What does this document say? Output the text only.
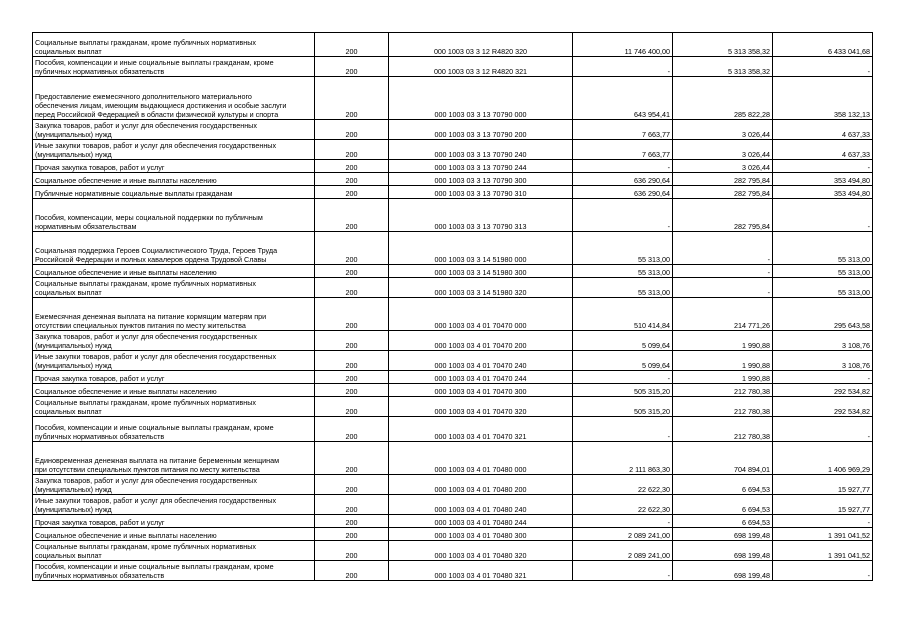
Социальные выплаты гражданам, кроме публичных нормативных
социальных выплат	200	000 1003 03 3 12 R4820 320	11 746 400,00	5 313 358,32	6 433 041,68
Пособия, компенсации и иные социальные выплаты гражданам, кроме
публичных нормативных обязательств	200	000 1003 03 3 12 R4820 321	-	5 313 358,32	-
Предоставление ежемесячного дополнительного материального
обеспечения лицам, имеющим выдающиеся достижения и особые заслуги
перед Российской Федерацией в области физической культуры и спорта	200	000 1003 03 3 13 70790 000	643 954,41	285 822,28	358 132,13
Закупка товаров, работ и услуг для обеспечения государственных
(муниципальных) нужд	200	000 1003 03 3 13 70790 200	7 663,77	3 026,44	4 637,33
Иные закупки товаров, работ и услуг для обеспечения государственных
(муниципальных) нужд	200	000 1003 03 3 13 70790 240	7 663,77	3 026,44	4 637,33
Прочая закупка товаров, работ и услуг	200	000 1003 03 3 13 70790 244	-	3 026,44	-
Социальное обеспечение и иные выплаты населению	200	000 1003 03 3 13 70790 300	636 290,64	282 795,84	353 494,80
Публичные нормативные социальные выплаты гражданам	200	000 1003 03 3 13 70790 310	636 290,64	282 795,84	353 494,80
Пособия, компенсации, меры социальной поддержки по публичным
нормативным обязательствам	200	000 1003 03 3 13 70790 313	-	282 795,84	-
Социальная поддержка Героев Социалистического Труда, Героев Труда
Российской Федерации и полных кавалеров ордена Трудовой Славы	200	000 1003 03 3 14 51980 000	55 313,00	-	55 313,00
Социальное обеспечение и иные выплаты населению	200	000 1003 03 3 14 51980 300	55 313,00	-	55 313,00
Социальные выплаты гражданам, кроме публичных нормативных
социальных выплат	200	000 1003 03 3 14 51980 320	55 313,00	-	55 313,00
Ежемесячная денежная выплата на питание кормящим матерям при
отсутствии специальных пунктов питания по месту жительства	200	000 1003 03 4 01 70470 000	510 414,84	214 771,26	295 643,58
Закупка товаров, работ и услуг для обеспечения государственных
(муниципальных) нужд	200	000 1003 03 4 01 70470 200	5 099,64	1 990,88	3 108,76
Иные закупки товаров, работ и услуг для обеспечения государственных
(муниципальных) нужд	200	000 1003 03 4 01 70470 240	5 099,64	1 990,88	3 108,76
Прочая закупка товаров, работ и услуг	200	000 1003 03 4 01 70470 244	-	1 990,88	-
Социальное обеспечение и иные выплаты населению	200	000 1003 03 4 01 70470 300	505 315,20	212 780,38	292 534,82
Социальные выплаты гражданам, кроме публичных нормативных
социальных выплат	200	000 1003 03 4 01 70470 320	505 315,20	212 780,38	292 534,82
Пособия, компенсации и иные социальные выплаты гражданам, кроме
публичных нормативных обязательств	200	000 1003 03 4 01 70470 321	-	212 780,38	-
Единовременная денежная выплата на питание беременным женщинам
при отсутствии специальных пунктов питания по месту жительства	200	000 1003 03 4 01 70480 000	2 111 863,30	704 894,01	1 406 969,29
Закупка товаров, работ и услуг для обеспечения государственных
(муниципальных) нужд	200	000 1003 03 4 01 70480 200	22 622,30	6 694,53	15 927,77
Иные закупки товаров, работ и услуг для обеспечения государственных
(муниципальных) нужд	200	000 1003 03 4 01 70480 240	22 622,30	6 694,53	15 927,77
Прочая закупка товаров, работ и услуг	200	000 1003 03 4 01 70480 244	-	6 694,53	-
Социальное обеспечение и иные выплаты населению	200	000 1003 03 4 01 70480 300	2 089 241,00	698 199,48	1 391 041,52
Социальные выплаты гражданам, кроме публичных нормативных
социальных выплат	200	000 1003 03 4 01 70480 320	2 089 241,00	698 199,48	1 391 041,52
Пособия, компенсации и иные социальные выплаты гражданам, кроме
публичных нормативных обязательств	200	000 1003 03 4 01 70480 321	-	698 199,48	-
